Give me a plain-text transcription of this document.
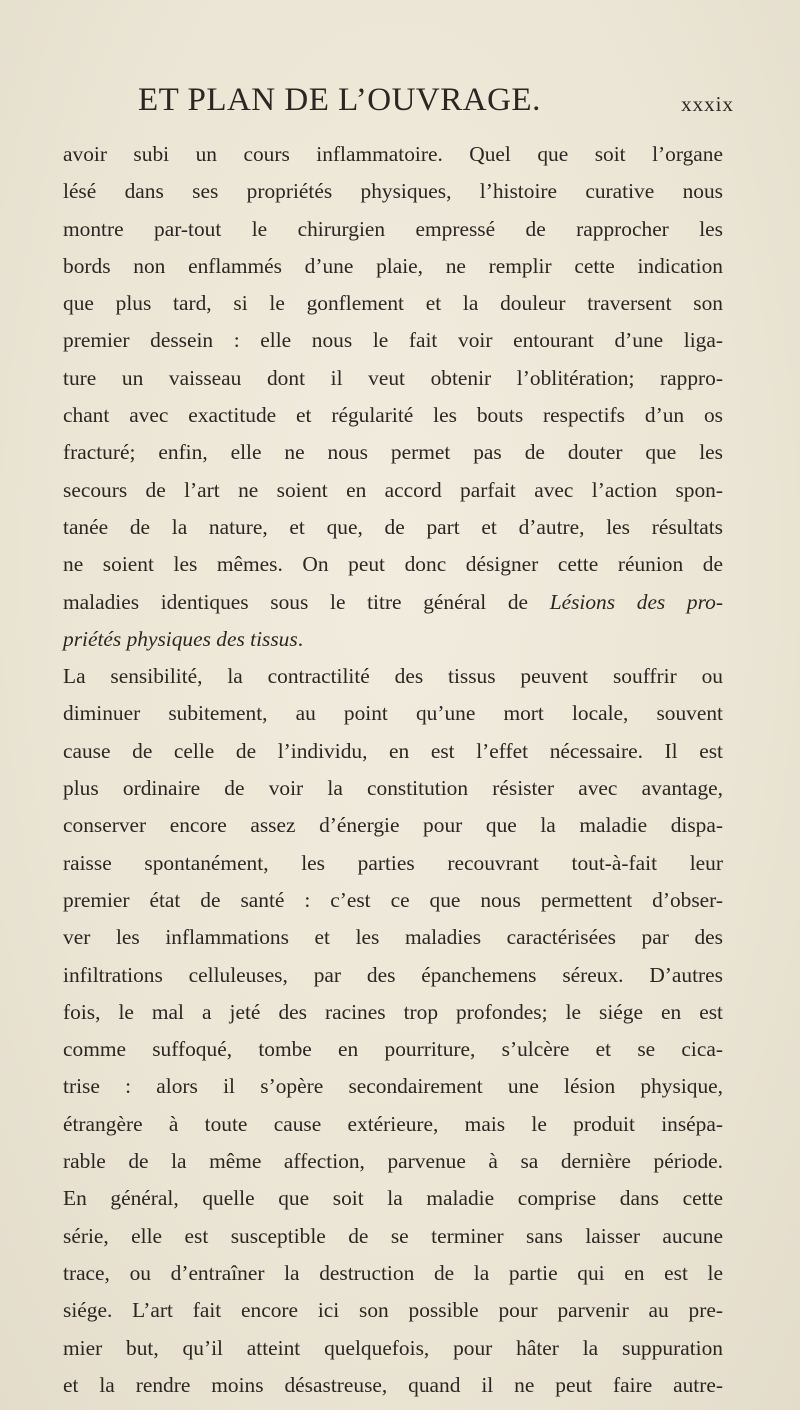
ET PLAN DE L’OUVRAGE.	xxxix
avoir subi un cours inflammatoire. Quel que soit l’organe
lésé dans ses propriétés physiques, l’histoire curative nous
montre par-tout le chirurgien empressé de rapprocher les
bords non enflammés d’une plaie, ne remplir cette indication
que plus tard, si le gonflement et la douleur traversent son
premier dessein : elle nous le fait voir entourant d’une liga-
ture un vaisseau dont il veut obtenir l’oblitération; rappro-
chant avec exactitude et régularité les bouts respectifs d’un os
fracturé; enfin, elle ne nous permet pas de douter que les
secours de l’art ne soient en accord parfait avec l’action spon-
tanée de la nature, et que, de part et d’autre, les résultats
ne soient les mêmes. On peut donc désigner cette réunion de
maladies identiques sous le titre général de Lésions des pro-
priétés physiques des tissus.
La sensibilité, la contractilité des tissus peuvent souffrir ou
diminuer subitement, au point qu’une mort locale, souvent
cause de celle de l’individu, en est l’effet nécessaire. Il est
plus ordinaire de voir la constitution résister avec avantage,
conserver encore assez d’énergie pour que la maladie dispa-
raisse spontanément, les parties recouvrant tout-à-fait leur
premier état de santé : c’est ce que nous permettent d’obser-
ver les inflammations et les maladies caractérisées par des
infiltrations celluleuses, par des épanchemens séreux. D’autres
fois, le mal a jeté des racines trop profondes; le siége en est
comme suffoqué, tombe en pourriture, s’ulcère et se cica-
trise : alors il s’opère secondairement une lésion physique,
étrangère à toute cause extérieure, mais le produit insépa-
rable de la même affection, parvenue à sa dernière période.
En général, quelle que soit la maladie comprise dans cette
série, elle est susceptible de se terminer sans laisser aucune
trace, ou d’entraîner la destruction de la partie qui en est le
siége. L’art fait encore ici son possible pour parvenir au pre-
mier but, qu’il atteint quelquefois, pour hâter la suppuration
et la rendre moins désastreuse, quand il ne peut faire autre-
